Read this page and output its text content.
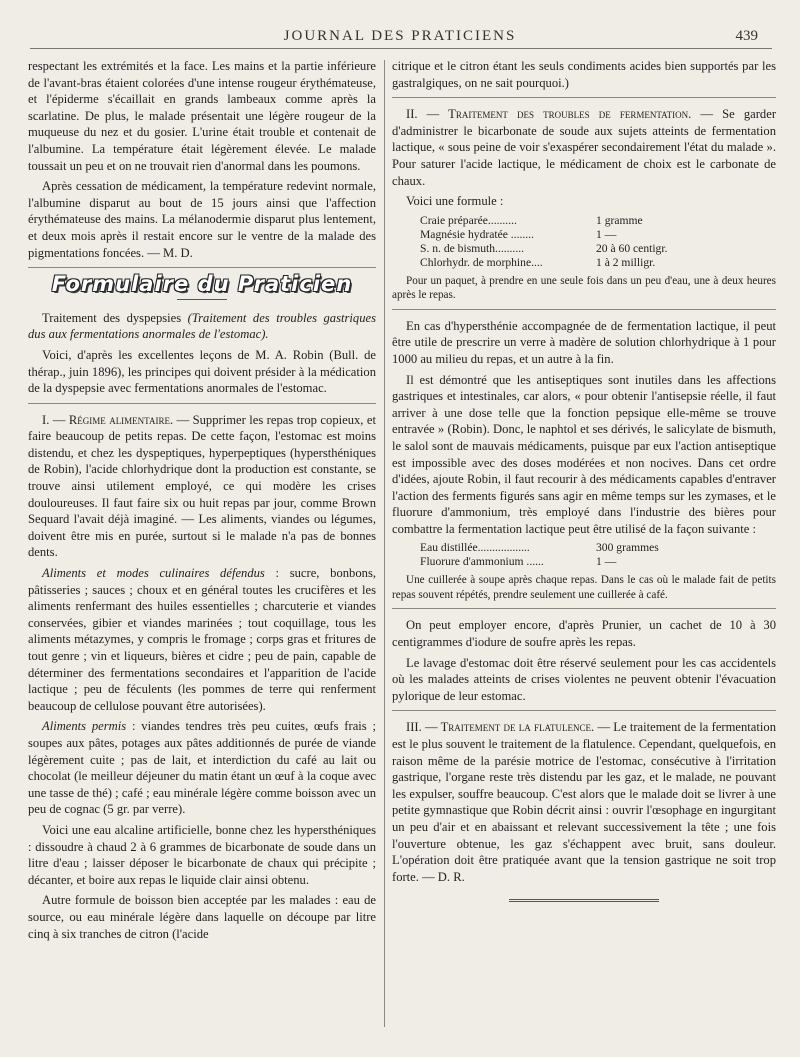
JOURNAL DES PRATICIENS	439

respectant les extrémités et la face. Les mains et la partie inférieure de l'avant-bras étaient colorées d'une intense rougeur érythémateuse, et l'épiderme s'écaillait en grands lambeaux comme après la scarlatine. De plus, le malade présentait une légère rougeur de la muqueuse du nez et du gosier. L'urine était trouble et contenait de l'albumine. La température était légèrement élevée. Le malade toussait un peu et on ne trouvait rien d'anormal dans les poumons.

Après cessation de médicament, la température redevint normale, l'albumine disparut au bout de 15 jours ainsi que l'affection érythémateuse des mains. La mélanodermie disparut plus lentement, et deux mois après il restait encore sur le ventre de la malade des pigmentations foncées. — M. D.

Formulaire du Praticien

Traitement des dyspepsies (Traitement des troubles gastriques dus aux fermentations anormales de l'estomac).

Voici, d'après les excellentes leçons de M. A. Robin (Bull. de thérap., juin 1896), les principes qui doivent présider à la médication de la dyspepsie avec fermentations anormales de l'estomac.

I. — Régime alimentaire. — Supprimer les repas trop copieux, et faire beaucoup de petits repas. De cette façon, l'estomac est moins distendu, et chez les dyspeptiques, hyperpeptiques (hypersthéniques de Robin), l'acide chlorhydrique dont la production est constante, se trouve ainsi utilement employé, ce qui modère les crises douloureuses. Il faut faire six ou huit repas par jour, comme Brown Sequard l'avait déjà imaginé. — Les aliments, viandes ou légumes, doivent être mis en purée, surtout si le malade n'a pas de bonnes dents.

Aliments et modes culinaires défendus : sucre, bonbons, pâtisseries ; sauces ; choux et en général toutes les crucifères et les aliments renfermant des huiles essentielles ; charcuterie et viandes conservées, gibier et viandes marinées ; tout coquillage, tous les aliments métazymes, y compris le fromage ; corps gras et fritures de tout genre ; vin et liqueurs, bières et cidre ; peu de pain, capable de déterminer des fermentations secondaires et l'apparition de l'acide lactique ; peu de féculents (les pommes de terre qui renferment beaucoup de cellulose pouvant être autorisées).

Aliments permis : viandes tendres très peu cuites, œufs frais ; soupes aux pâtes, potages aux pâtes additionnés de purée de viande légèrement cuite ; pas de lait, et interdiction du café au lait ou chocolat (le meilleur déjeuner du matin étant un œuf à la coque avec une tasse de thé) ; café ; eau minérale légère comme boisson avec un peu de cognac (5 gr. par verre).

Voici une eau alcaline artificielle, bonne chez les hypersthéniques : dissoudre à chaud 2 à 6 grammes de bicarbonate de soude dans un litre d'eau ; laisser déposer le bicarbonate de chaux qui précipite ; décanter, et boire aux repas le liquide clair ainsi obtenu.

Autre formule de boisson bien acceptée par les malades : eau de source, ou eau minérale légère dans laquelle on découpe par litre cinq à six tranches de citron (l'acide

citrique et le citron étant les seuls condiments acides bien supportés par les gastralgiques, on ne sait pourquoi.)

II. — Traitement des troubles de fermentation. — Se garder d'administrer le bicarbonate de soude aux sujets atteints de fermentation lactique, « sous peine de voir s'exaspérer secondairement l'état du malade ». Pour saturer l'acide lactique, le médicament de choix est le carbonate de chaux.

Voici une formule :

Craie préparée..........	1 gramme
Magnésie hydratée ........	1 —
S. n. de bismuth..........	20 à 60 centigr.
Chlorhydr. de morphine....	1 à 2 milligr.

Pour un paquet, à prendre en une seule fois dans un peu d'eau, une à deux heures après le repas.

En cas d'hypersthénie accompagnée de de fermentation lactique, il peut être utile de prescrire un verre à madère de solution chlorhydrique à 1 pour 1000 au milieu du repas, et un autre à la fin.

Il est démontré que les antiseptiques sont inutiles dans les affections gastriques et intestinales, car alors, « pour obtenir l'antisepsie réelle, il faut arriver à une dose telle que la fonction pepsique elle-même se trouve entravée » (Robin). Donc, le naphtol et ses dérivés, le salicylate de bismuth, le salol sont de mauvais médicaments, puisque par eux l'action antiseptique est impossible avec des doses modérées et non nocives. Dans cet ordre d'idées, ajoute Robin, il faut recourir à des médicaments capables d'entraver l'action des ferments figurés sans agir en même temps sur les zymases, et le fluorure d'ammonium, très employé dans l'industrie des bières pour combattre la fermentation lactique peut être utilisé de la façon suivante :

Eau distillée..................	300 grammes
Fluorure d'ammonium ......	1 —

Une cuillerée à soupe après chaque repas. Dans le cas où le malade fait de petits repas souvent répétés, prendre seulement une cuillerée à café.

On peut employer encore, d'après Prunier, un cachet de 10 à 30 centigrammes d'iodure de soufre après les repas.

Le lavage d'estomac doit être réservé seulement pour les cas accidentels où les malades atteints de crises violentes ne peuvent obtenir l'évacuation pylorique de leur estomac.

III. — Traitement de la flatulence. — Le traitement de la fermentation est le plus souvent le traitement de la flatulence. Cependant, quelquefois, en raison même de la parésie motrice de l'estomac, consécutive à l'irritation gastrique, l'organe reste très distendu par les gaz, et le malade, ne pouvant les expulser, souffre beaucoup. C'est alors que le malade doit se livrer à une petite gymnastique que Robin décrit ainsi : ouvrir l'œsophage en ingurgitant un peu d'air et en abaissant et relevant successivement la tête ; une fois l'ouverture obtenue, les gaz s'échappent avec bruit, sans douleur. L'opération doit être pratiquée avant que la tension gastrique ne soit trop forte. — D. R.
